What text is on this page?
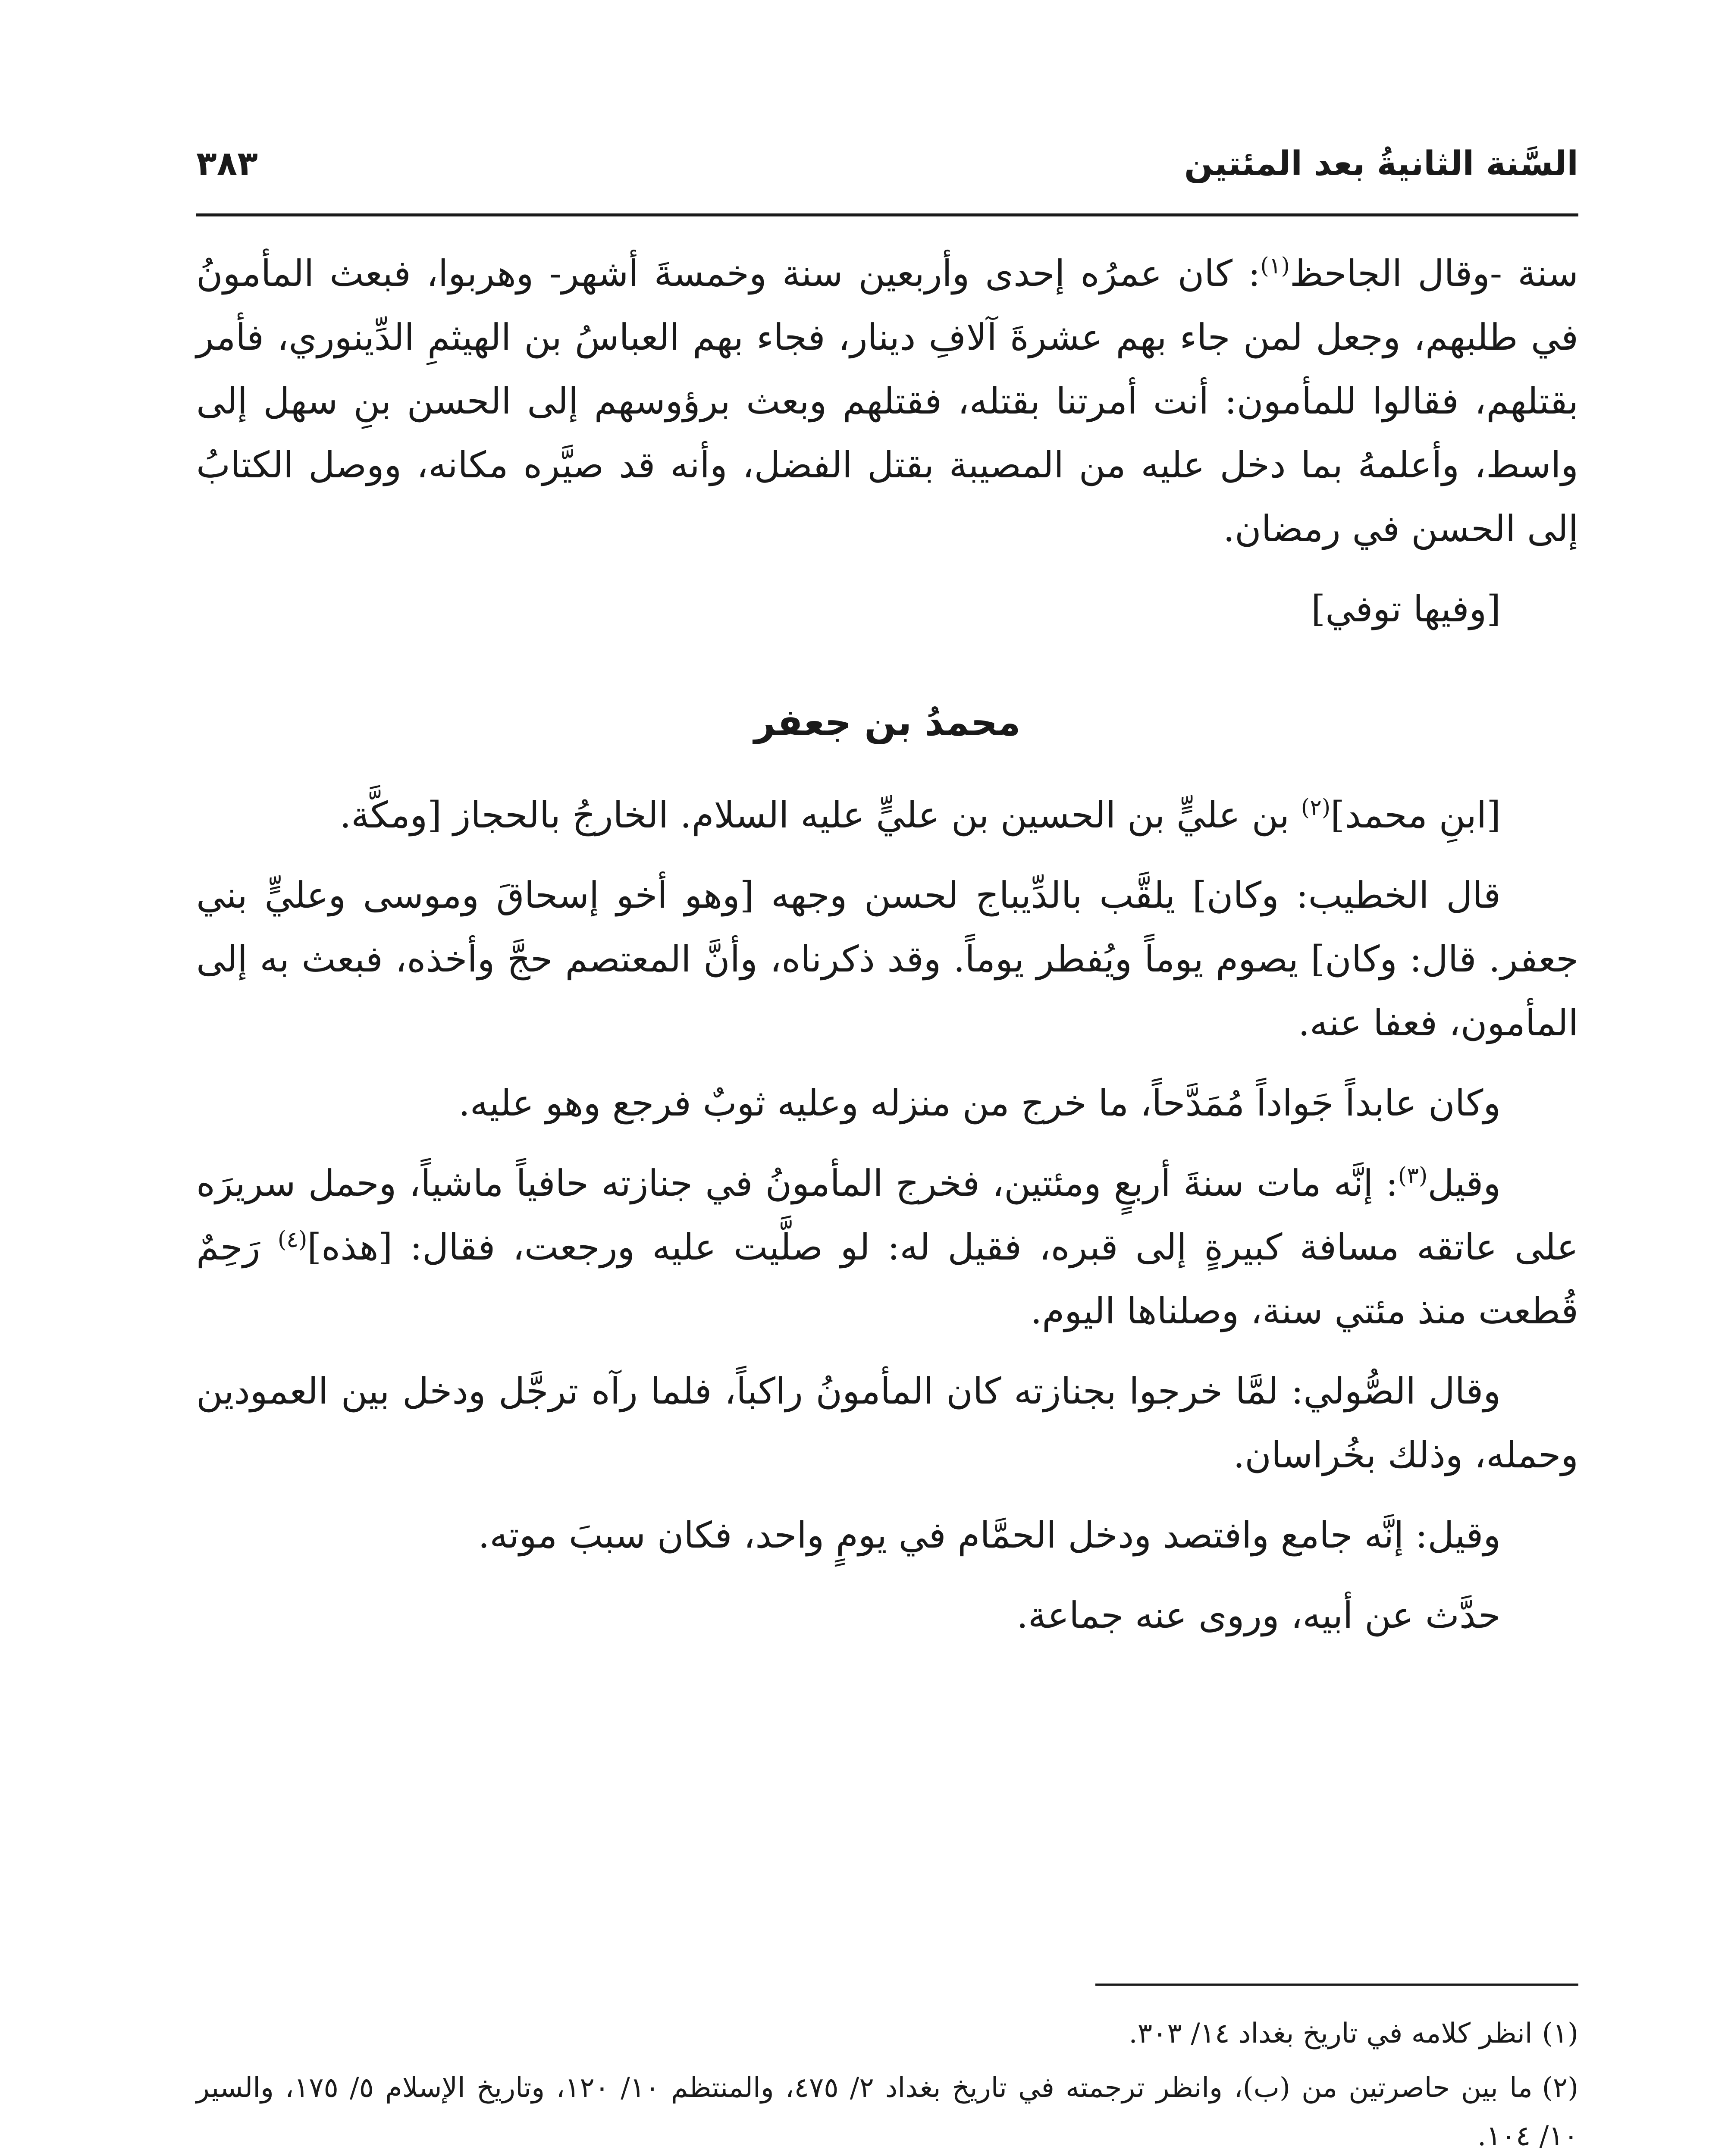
السَّنة الثانيةُ بعد المئتين
٣٨٣

سنة -وقال الجاحظ$^{(١)}$: كان عمرُه إحدى وأربعين سنة وخمسةَ أشهر- وهربوا، فبعث المأمونُ في طلبهم، وجعل لمن جاء بهم عشرةَ آلافِ دينار، فجاء بهم العباسُ بن الهيثمِ الدِّينوري، فأمر بقتلهم، فقالوا للمأمون: أنت أمرتنا بقتله، فقتلهم وبعث برؤوسهم إلى الحسن بنِ سهل إلى واسط، وأعلمهُ بما دخل عليه من المصيبة بقتل الفضل، وأنه قد صيَّره مكانه، ووصل الكتابُ إلى الحسن في رمضان.

[وفيها توفي]

محمدُ بن جعفر

[ابنِ محمد]$^{(٢)}$ بن عليٍّ بن الحسين بن عليٍّ عليه السلام. الخارجُ بالحجاز [ومكَّة.

قال الخطيب: وكان] يلقَّب بالدِّيباج لحسن وجهه [وهو أخو إسحاقَ وموسى وعليٍّ بني جعفر. قال: وكان] يصوم يوماً ويُفطر يوماً. وقد ذكرناه، وأنَّ المعتصم حجَّ وأخذه، فبعث به إلى المأمون، فعفا عنه.

وكان عابداً جَواداً مُمَدَّحاً، ما خرج من منزله وعليه ثوبٌ فرجع وهو عليه.

وقيل$^{(٣)}$: إنَّه مات سنةَ أربعٍ ومئتين، فخرج المأمونُ في جنازته حافياً ماشياً، وحمل سريرَه على عاتقه مسافة كبيرةٍ إلى قبره، فقيل له: لو صلَّيت عليه ورجعت، فقال: [هذه]$^{(٤)}$ رَحِمٌ قُطعت منذ مئتي سنة، وصلناها اليوم.

وقال الصُّولي: لمَّا خرجوا بجنازته كان المأمونُ راكباً، فلما رآه ترجَّل ودخل بين العمودين وحمله، وذلك بخُراسان.

وقيل: إنَّه جامع وافتصد ودخل الحمَّام في يومٍ واحد، فكان سببَ موته.

حدَّث عن أبيه، وروى عنه جماعة.

(١)انظر كلامه في تاريخ بغداد ١٤/ ٣٠٣.

(٢)ما بين حاصرتين من (ب)، وانظر ترجمته في تاريخ بغداد ٢/ ٤٧٥، والمنتظم ١٠/ ١٢٠، وتاريخ الإسلام ٥/ ١٧٥، والسير ١٠/ ١٠٤.
